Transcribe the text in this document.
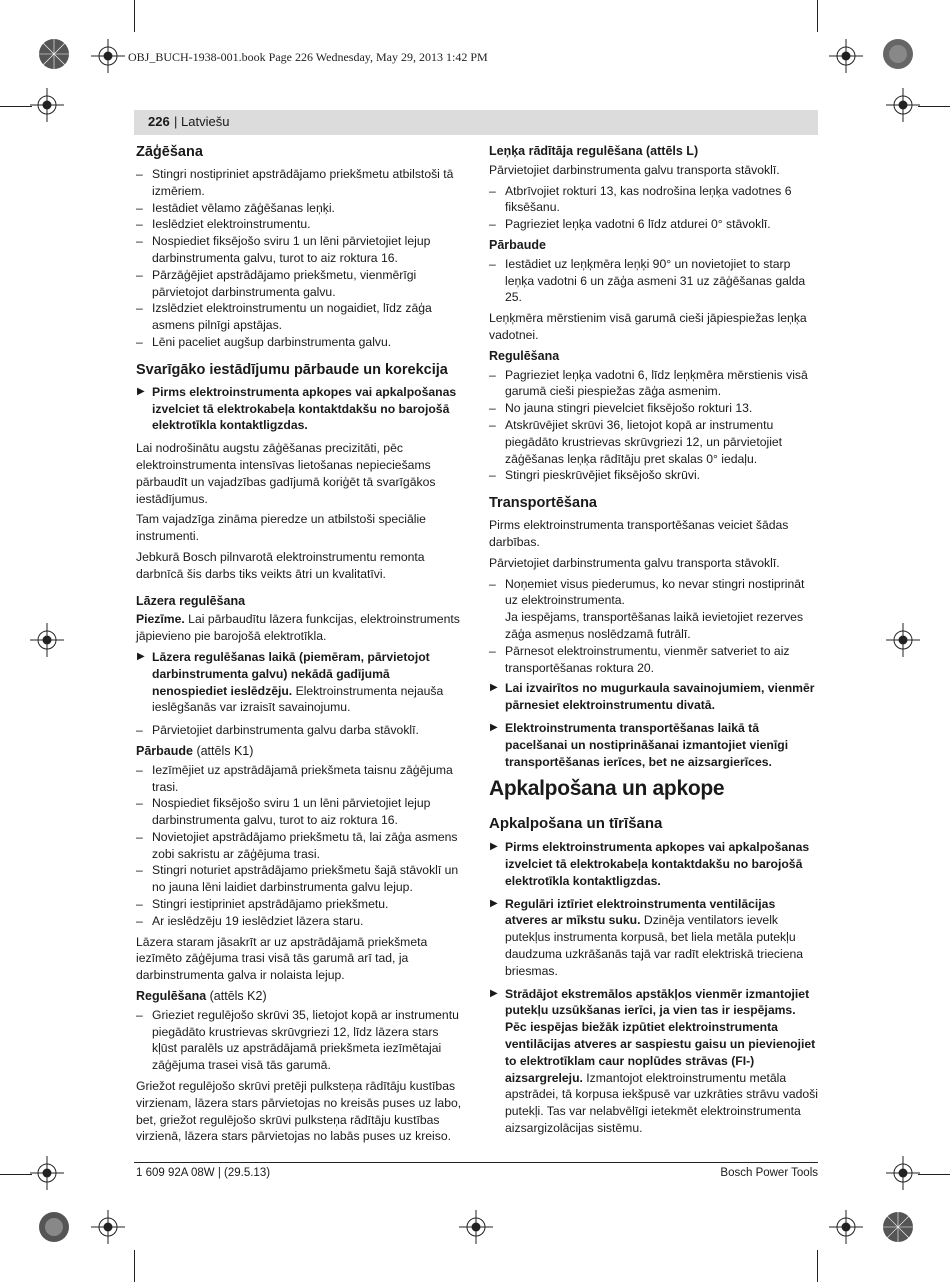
OBJ_BUCH-1938-001.book Page 226 Wednesday, May 29, 2013 1:42 PM
226 | Latviešu
Zāģēšana
– Stingri nostipriniet apstrādājamo priekšmetu atbilstoši tā izmēriem.
– Iestādiet vēlamo zāģēšanas leņķi.
– Ieslēdziet elektroinstrumentu.
– Nospiediet fiksējošo sviru 1 un lēni pārvietojiet lejup darbinstrumenta galvu, turot to aiz roktura 16.
– Pārzāģējiet apstrādājamo priekšmetu, vienmērīgi pārvietojot darbinstrumenta galvu.
– Izslēdziet elektroinstrumentu un nogaidiet, līdz zāģa asmens pilnīgi apstājas.
– Lēni paceliet augšup darbinstrumenta galvu.
Svarīgāko iestādījumu pārbaude un korekcija
▶ Pirms elektroinstrumenta apkopes vai apkalpošanas izvelciet tā elektrokabeļa kontaktdakšu no barojošā elektrotīkla kontaktligzdas.

Lai nodrošinātu augstu zāģēšanas precizitāti, pēc elektroinstrumenta intensīvas lietošanas nepieciešams pārbaudīt un vajadzības gadījumā koriģēt tā svarīgākos iestādījumus.

Tam vajadzīga zināma pieredze un atbilstoši speciālie instrumenti.

Jebkurā Bosch pilnvarotā elektroinstrumentu remonta darbnīcā šis darbs tiks veikts ātri un kvalitatīvi.

Lāzera regulēšana

Piezīme. Lai pārbaudītu lāzera funkcijas, elektroinstruments jāpievieno pie barojošā elektrotīkla.

▶ Lāzera regulēšanas laikā (piemēram, pārvietojot darbinstrumenta galvu) nekādā gadījumā nenospiediet ieslēdzēju. Elektroinstrumenta nejauša ieslēgšanās var izraisīt savainojumu.
– Pārvietojiet darbinstrumenta galvu darba stāvoklī.
Pārbaude (attēls K1)
– Iezīmējiet uz apstrādājamā priekšmeta taisnu zāģējuma trasi.
– Nospiediet fiksējošo sviru 1 un lēni pārvietojiet lejup darbinstrumenta galvu, turot to aiz roktura 16.
– Novietojiet apstrādājamo priekšmetu tā, lai zāģa asmens zobi sakristu ar zāģējuma trasi.
– Stingri noturiet apstrādājamo priekšmetu šajā stāvoklī un no jauna lēni laidiet darbinstrumenta galvu lejup.
– Stingri iestipriniet apstrādājamo priekšmetu.
– Ar ieslēdzēju 19 ieslēdziet lāzera staru.

Lāzera staram jāsakrīt ar uz apstrādājamā priekšmeta iezīmēto zāģējuma trasi visā tās garumā arī tad, ja darbinstrumenta galva ir nolaista lejup.

Regulēšana (attēls K2)
– Grieziet regulējošo skrūvi 35, lietojot kopā ar instrumentu piegādāto krustrievas skrūvgriezi 12, līdz lāzera stars kļūst paralēls uz apstrādājamā priekšmeta iezīmētajai zāģējuma trasei visā tās garumā.

Griežot regulējošo skrūvi pretēji pulksteņa rādītāju kustības virzienam, lāzera stars pārvietojas no kreisās puses uz labo, bet, griežot regulējošo skrūvi pulksteņa rādītāju kustības virzienā, lāzera stars pārvietojas no labās puses uz kreiso.

Leņķa rādītāja regulēšana (attēls L)

Pārvietojiet darbinstrumenta galvu transporta stāvoklī.

– Atbrīvojiet rokturi 13, kas nodrošina leņķa vadotnes 6 fiksēšanu.
– Pagrieziet leņķa vadotni 6 līdz atdurei 0° stāvoklī.
Pārbaude
– Iestādiet uz leņķmēra leņķi 90° un novietojiet to starp leņķa vadotni 6 un zāģa asmeni 31 uz zāģēšanas galda 25.

Leņķmēra mērstienim visā garumā cieši jāpiespiežas leņķa vadotnei.

Regulēšana
– Pagrieziet leņķa vadotni 6, līdz leņķmēra mērstienis visā garumā cieši piespiežas zāģa asmenim.
– No jauna stingri pievelciet fiksējošo rokturi 13.
– Atskrūvējiet skrūvi 36, lietojot kopā ar instrumentu piegādāto krustrievas skrūvgriezi 12, un pārvietojiet zāģēšanas leņķa rādītāju pret skalas 0° iedaļu.
– Stingri pieskrūvējiet fiksējošo skrūvi.
Transportēšana

Pirms elektroinstrumenta transportēšanas veiciet šādas darbības.

Pārvietojiet darbinstrumenta galvu transporta stāvoklī.

– Noņemiet visus piederumus, ko nevar stingri nostiprināt uz elektroinstrumenta.
Ja iespējams, transportēšanas laikā ievietojiet rezerves zāģa asmeņus noslēdzamā futrālī.
– Pārnesot elektroinstrumentu, vienmēr satveriet to aiz transportēšanas roktura 20.
▶ Lai izvairītos no mugurkaula savainojumiem, vienmēr pārnesiet elektroinstrumentu divatā.
▶ Elektroinstrumenta transportēšanas laikā tā pacelšanai un nostiprināšanai izmantojiet vienīgi transportēšanas ierīces, bet ne aizsargierīces.
Apkalpošana un apkope
Apkalpošana un tīrīšana
▶ Pirms elektroinstrumenta apkopes vai apkalpošanas izvelciet tā elektrokabeļa kontaktdakšu no barojošā elektrotīkla kontaktligzdas.
▶ Regulāri iztīriet elektroinstrumenta ventilācijas atveres ar mīkstu suku. Dzinēja ventilators ievelk putekļus instrumenta korpusā, bet liela metāla putekļu daudzuma uzkrāšanās tajā var radīt elektriskā trieciena briesmas.
▶ Strādājot ekstremālos apstākļos vienmēr izmantojiet putekļu uzsūkšanas ierīci, ja vien tas ir iespējams. Pēc iespējas biežāk izpūtiet elektroinstrumenta ventilācijas atveres ar saspiestu gaisu un pievienojiet to elektrotīklam caur noplūdes strāvas (FI-) aizsargreleju. Izmantojot elektroinstrumentu metāla apstrādei, tā korpusa iekšpusē var uzkrāties strāvu vadoši putekļi. Tas var nelabvēlīgi ietekmēt elektroinstrumenta aizsargizolācijas sistēmu.
1 609 92A 08W | (29.5.13)	Bosch Power Tools
